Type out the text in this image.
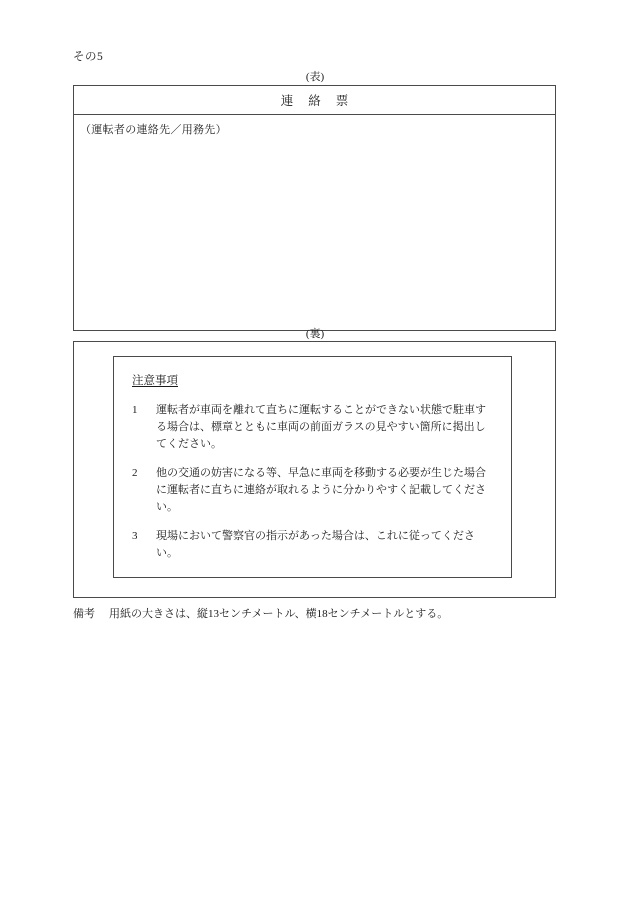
その5
(表)
連絡票
（運転者の連絡先／用務先）
(裏)
注意事項
1	運転者が車両を離れて直ちに運転することができない状態で駐車する場合は、標章とともに車両の前面ガラスの見やすい箇所に掲出してください。
2	他の交通の妨害になる等、早急に車両を移動する必要が生じた場合に運転者に直ちに連絡が取れるように分かりやすく記載してください。
3	現場において警察官の指示があった場合は、これに従ってください。
備考 用紙の大きさは、縦13センチメートル、横18センチメートルとする。
